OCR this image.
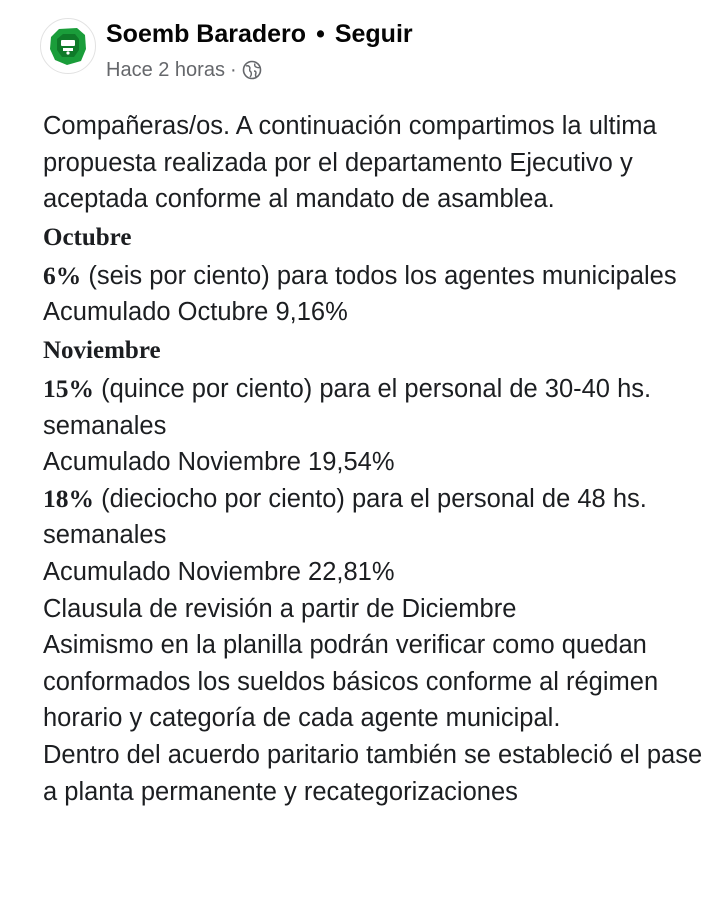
Soemb Baradero • Seguir
Hace 2 horas ·

Compañeras/os. A continuación compartimos la ultima propuesta realizada por el departamento Ejecutivo y aceptada conforme al mandato de asamblea.

Octubre

6% (seis por ciento) para todos los agentes municipales

Acumulado Octubre 9,16%

Noviembre

15% (quince por ciento) para el personal de 30-40 hs. semanales

Acumulado Noviembre 19,54%

18% (dieciocho por ciento) para el personal de 48 hs. semanales

Acumulado Noviembre 22,81%

Clausula de revisión a partir de Diciembre

Asimismo en la planilla podrán verificar como quedan conformados los sueldos básicos conforme al régimen horario y categoría de cada agente municipal.

Dentro del acuerdo paritario también se estableció el pase a planta permanente y recategorizaciones
